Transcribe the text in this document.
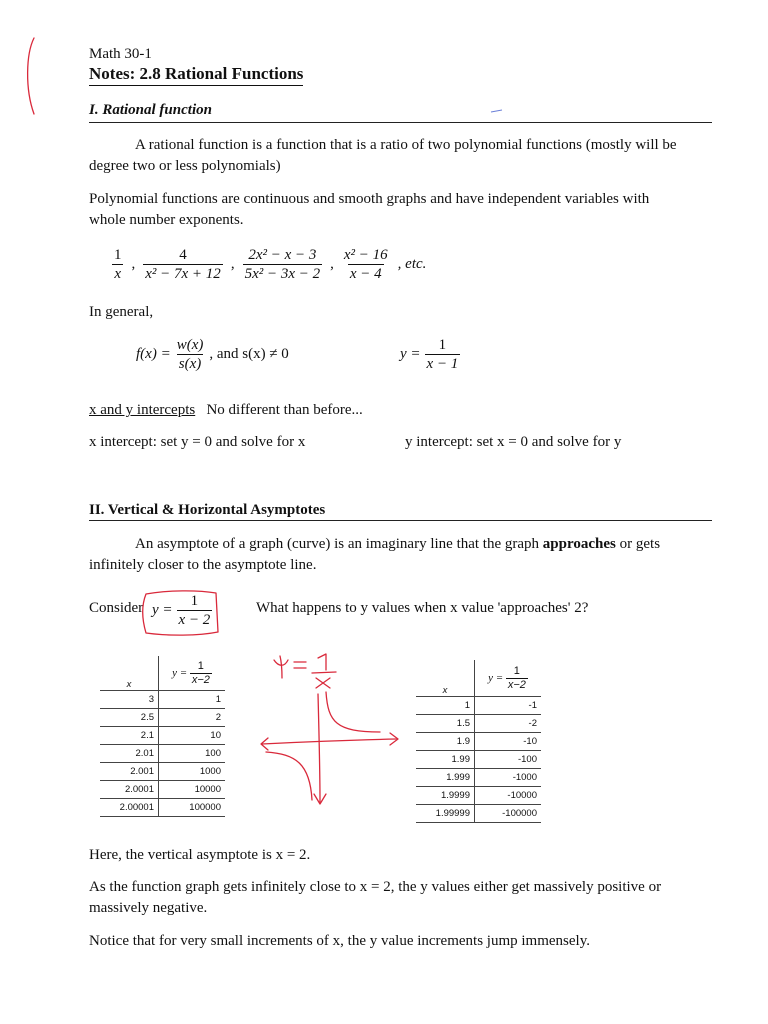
Math 30-1
Notes: 2.8 Rational Functions
I. Rational function
A rational function is a function that is a ratio of two polynomial functions (mostly will be degree two or less polynomials)
Polynomial functions are continuous and smooth graphs and have independent variables with whole number exponents.
$\frac{1}{x}$ , $\frac{4}{\text{x² − 7x + 12}}$ , $\frac{\text{2x² − x − 3}}{\text{5x² − 3x − 2}}$ , $\frac{\text{x² − 16}}{x - 4}$ , etc.
In general,
$f(x) = \frac{w(x)}{s(x)}$ , and s(x) ≠ 0	$y = \frac{1}{x - 1}$
x and y intercepts No different than before...
x intercept: set y = 0 and solve for x	y intercept: set x = 0 and solve for y
II. Vertical & Horizontal Asymptotes
An asymptote of a graph (curve) is an imaginary line that the graph approaches or gets infinitely closer to the asymptote line.
Consider $y = \frac{1}{x - 2}$	What happens to y values when x value 'approaches' 2?
x	$y = \frac{1}{x-2}$

3	1
2.5	2
2.1	10
2.01	100
2.001	1000
2.0001	10000
2.00001	100000
x	$y = \frac{1}{x-2}$

1	-1
1.5	-2
1.9	-10
1.99	-100
1.999	-1000
1.9999	-10000
1.99999	-100000
Here, the vertical asymptote is x = 2.
As the function graph gets infinitely close to x = 2, the y values either get massively positive or massively negative.
Notice that for very small increments of x, the y value increments jump immensely.
